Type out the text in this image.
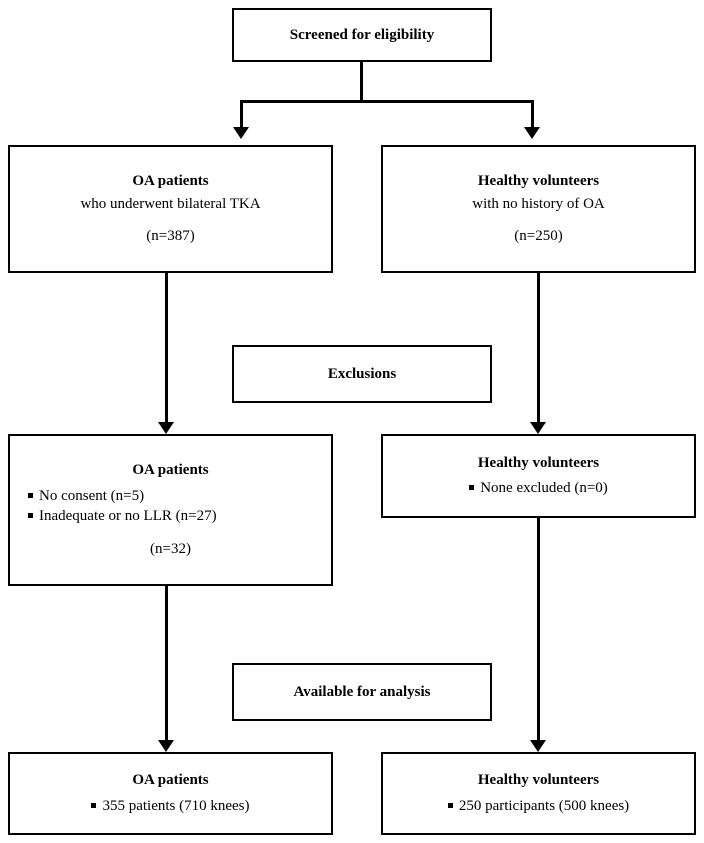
Screened for eligibility
OA patients
who underwent bilateral TKA
(n=387)
Healthy volunteers
with no history of OA
(n=250)
Exclusions
OA patients
No consent (n=5)
Inadequate or no LLR (n=27)
(n=32)
Healthy volunteers
None excluded (n=0)
Available for analysis
OA patients
355 patients (710 knees)
Healthy volunteers
250 participants (500 knees)
